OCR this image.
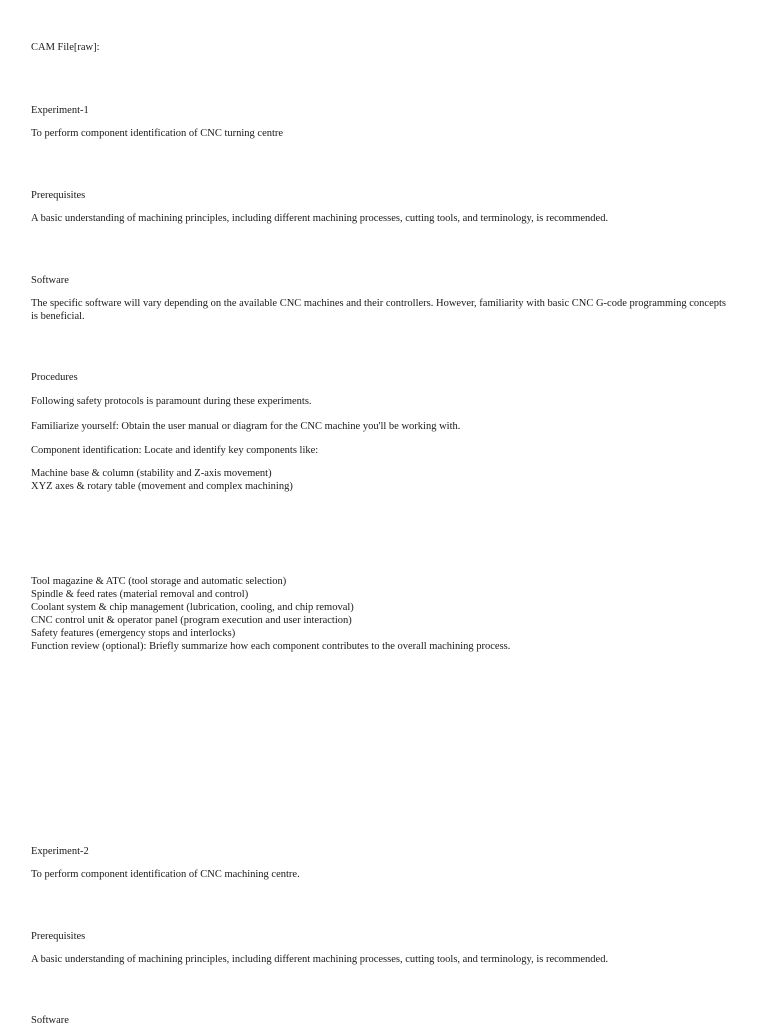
CAM File[raw]:
Experiment-1
To perform component identification of CNC turning centre
Prerequisites
A basic understanding of machining principles, including different machining processes, cutting tools, and terminology, is recommended.
Software
The specific software will vary depending on the available CNC machines and their controllers. However, familiarity with basic CNC G-code programming concepts is beneficial.
Procedures
Following safety protocols is paramount during these experiments.
Familiarize yourself: Obtain the user manual or diagram for the CNC machine you'll be working with.
Component identification: Locate and identify key components like:
Machine base & column (stability and Z-axis movement)
XYZ axes & rotary table (movement and complex machining)
Tool magazine & ATC (tool storage and automatic selection)
Spindle & feed rates (material removal and control)
Coolant system & chip management (lubrication, cooling, and chip removal)
CNC control unit & operator panel (program execution and user interaction)
Safety features (emergency stops and interlocks)
Function review (optional): Briefly summarize how each component contributes to the overall machining process.
Experiment-2
To perform component identification of CNC machining centre.
Prerequisites
A basic understanding of machining principles, including different machining processes, cutting tools, and terminology, is recommended.
Software
